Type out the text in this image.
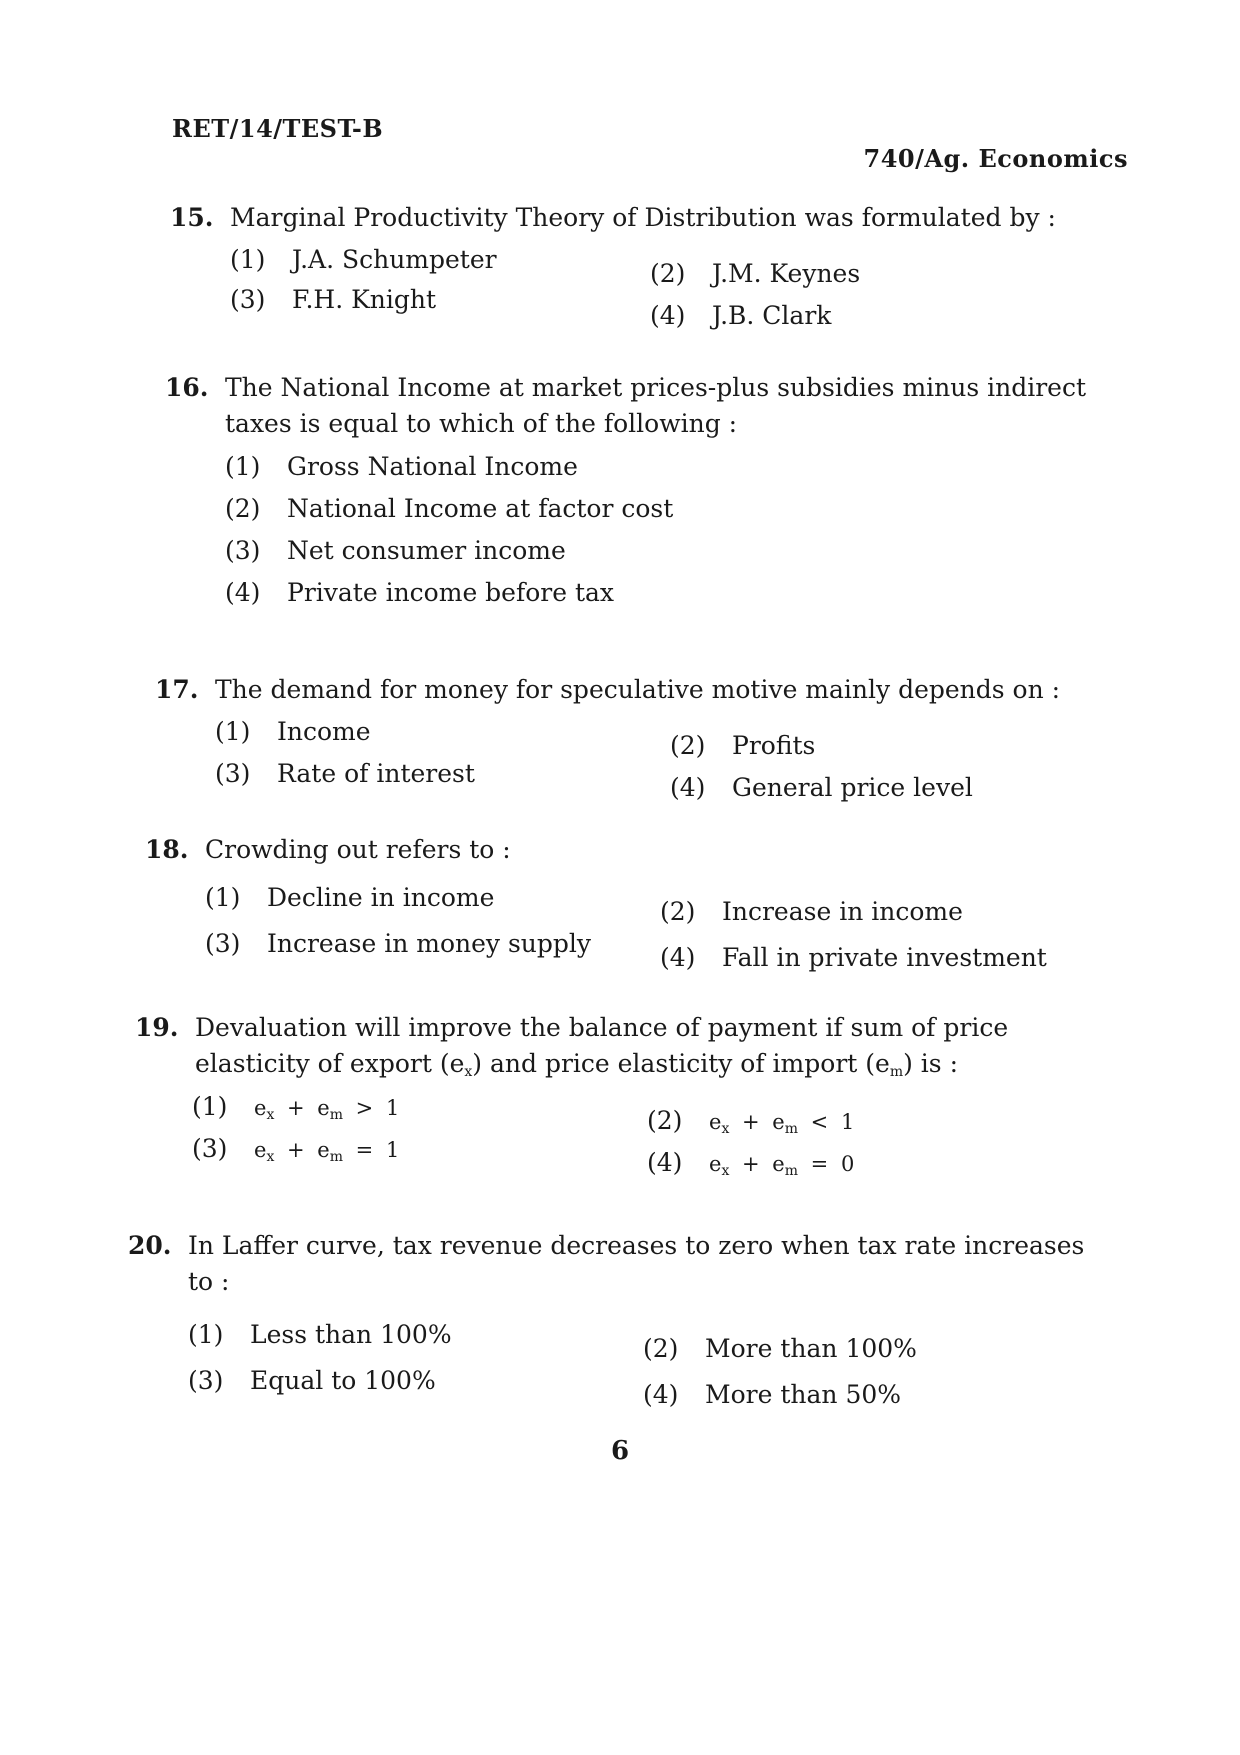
RET/14/TEST-B
740/Ag. Economics
15. Marginal Productivity Theory of Distribution was formulated by :
(1) J.A. Schumpeter	(2) J.M. Keynes
(3) F.H. Knight
(4) J.B. Clark
16. The National Income at market prices-plus subsidies minus indirect taxes is equal to which of the following :
(1) Gross National Income
(2) National Income at factor cost
(3) Net consumer income
(4) Private income before tax
17. The demand for money for speculative motive mainly depends on :
(1) Income	(2) Profits
(3) Rate of interest	(4) General price level
18. Crowding out refers to :
(1) Decline in income	(2) Increase in income
(3) Increase in money supply	(4) Fall in private investment
19. Devaluation will improve the balance of payment if sum of price elasticity of export $(e_x)$ and price elasticity of import $(e_m)$ is :
(1) $e_x + e_m > 1$	(2) $e_x + e_m < 1$
(3) $e_x + e_m = 1$	(4) $e_x + e_m = 0$
20. In Laffer curve, tax revenue decreases to zero when tax rate increases to :
(1) Less than 100%	(2) More than 100%
(3) Equal to 100%	(4) More than 50%
6
